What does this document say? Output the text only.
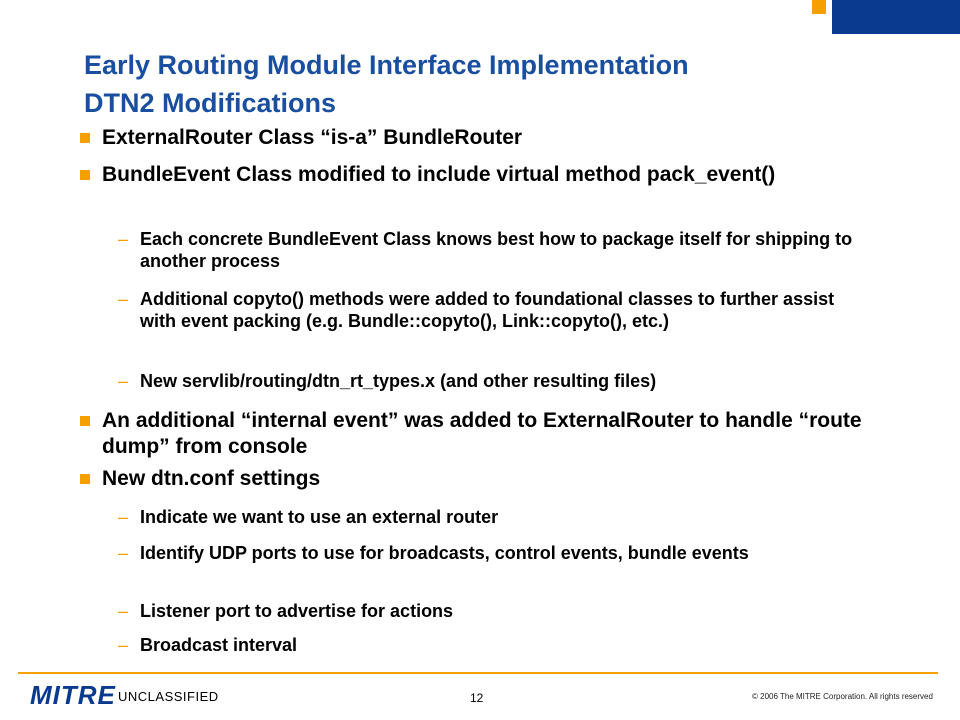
Early Routing Module Interface Implementation
DTN2 Modifications
ExternalRouter Class “is-a” BundleRouter
BundleEvent Class modified to include virtual method pack_event()
– Each concrete BundleEvent Class knows best how to package itself for shipping to another process
– Additional copyto() methods were added to foundational classes to further assist with event packing (e.g. Bundle::copyto(), Link::copyto(), etc.)
– New servlib/routing/dtn_rt_types.x (and other resulting files)
An additional “internal event” was added to ExternalRouter to handle “route dump” from console
New dtn.conf settings
– Indicate we want to use an external router
– Identify UDP ports to use for broadcasts, control events, bundle events
– Listener port to advertise for actions
– Broadcast interval
MITRE UNCLASSIFIED	12	© 2006 The MITRE Corporation. All rights reserved
